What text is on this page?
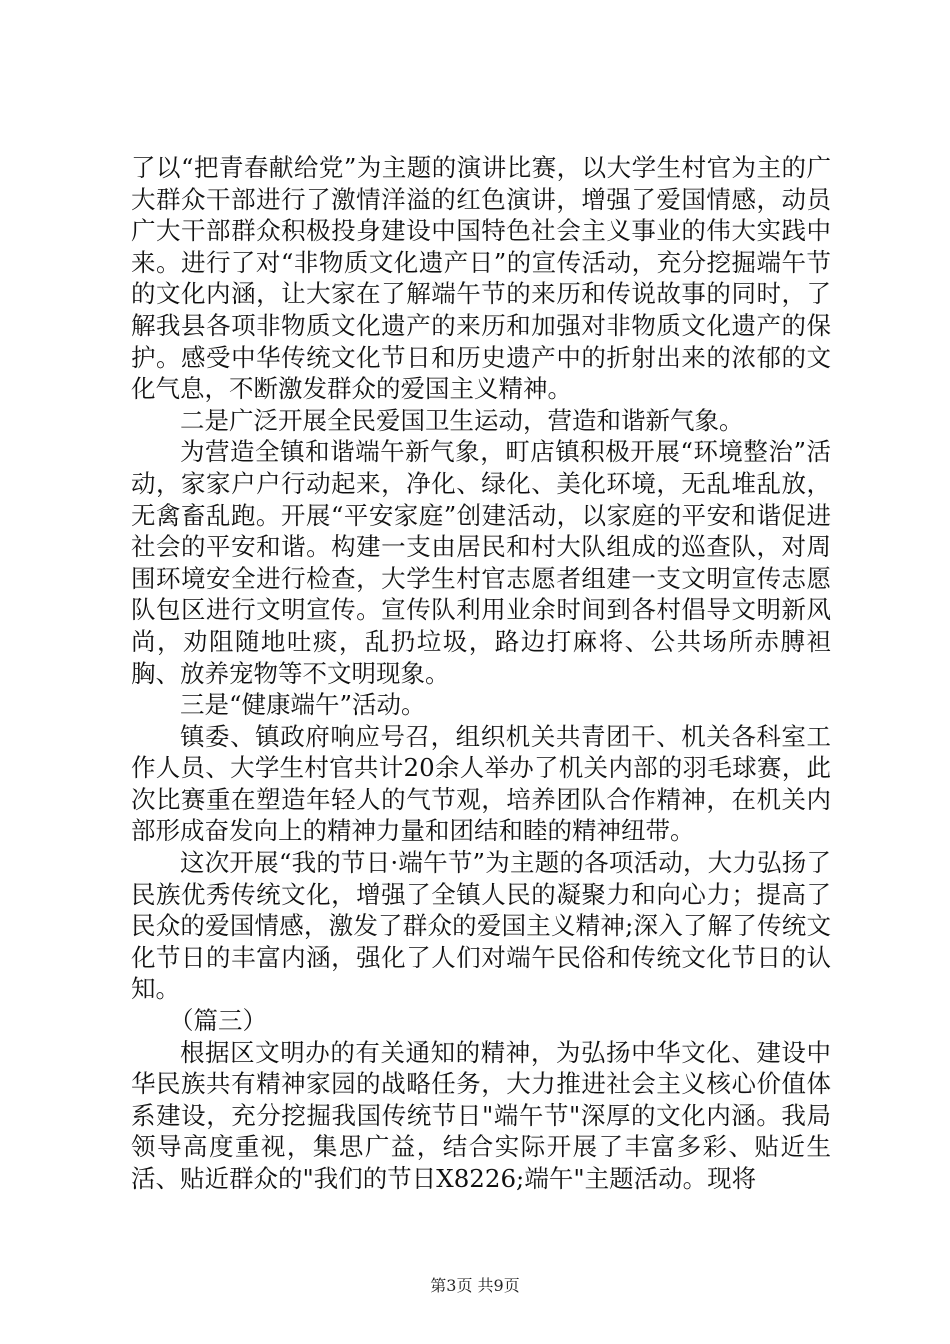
了以“把青春献给党”为主题的演讲比赛，以大学生村官为主的广大群众干部进行了激情洋溢的红色演讲，增强了爱国情感，动员广大干部群众积极投身建设中国特色社会主义事业的伟大实践中来。进行了对“非物质文化遗产日”的宣传活动，充分挖掘端午节的文化内涵，让大家在了解端午节的来历和传说故事的同时，了解我县各项非物质文化遗产的来历和加强对非物质文化遗产的保护。感受中华传统文化节日和历史遗产中的折射出来的浓郁的文化气息，不断激发群众的爱国主义精神。

二是广泛开展全民爱国卫生运动，营造和谐新气象。

为营造全镇和谐端午新气象，町店镇积极开展“环境整治”活动，家家户户行动起来，净化、绿化、美化环境，无乱堆乱放，无禽畜乱跑。开展“平安家庭”创建活动，以家庭的平安和谐促进社会的平安和谐。构建一支由居民和村大队组成的巡查队，对周围环境安全进行检查，大学生村官志愿者组建一支文明宣传志愿队包区进行文明宣传。宣传队利用业余时间到各村倡导文明新风尚，劝阻随地吐痰，乱扔垃圾，路边打麻将、公共场所赤膊袒胸、放养宠物等不文明现象。

三是“健康端午”活动。

镇委、镇政府响应号召，组织机关共青团干、机关各科室工作人员、大学生村官共计20余人举办了机关内部的羽毛球赛，此次比赛重在塑造年轻人的气节观，培养团队合作精神，在机关内部形成奋发向上的精神力量和团结和睦的精神纽带。

这次开展“我的节日·端午节”为主题的各项活动，大力弘扬了民族优秀传统文化，增强了全镇人民的凝聚力和向心力；提高了民众的爱国情感，激发了群众的爱国主义精神;深入了解了传统文化节日的丰富内涵，强化了人们对端午民俗和传统文化节日的认知。

（篇三）

根据区文明办的有关通知的精神，为弘扬中华文化、建设中华民族共有精神家园的战略任务，大力推进社会主义核心价值体系建设，充分挖掘我国传统节日"端午节"深厚的文化内涵。我局领导高度重视，集思广益，结合实际开展了丰富多彩、贴近生活、贴近群众的"我们的节日X8226;端午"主题活动。现将

第3页 共9页
